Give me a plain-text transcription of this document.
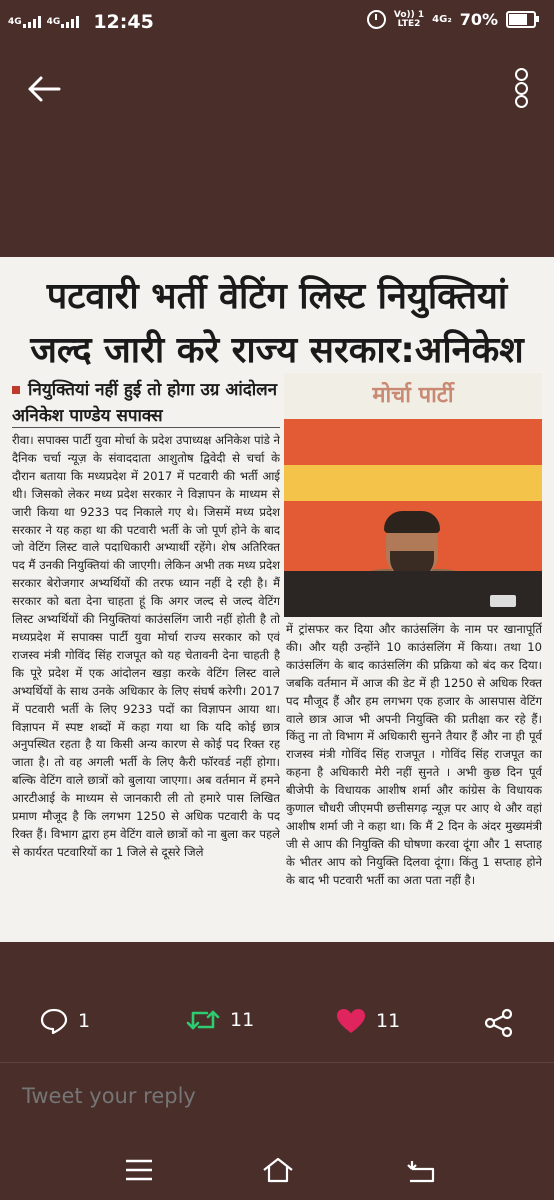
4G	4G 12:45	Vo)) 1
LTE2	4G₂ 70%
पटवारी भर्ती वेटिंग लिस्ट नियुक्तियां
जल्द जारी करे राज्य सरकार:अनिकेश
नियुक्तियां नहीं हुई तो होगा उग्र आंदोलन अनिकेश पाण्डेय सपाक्स
मोर्चा पार्टी
रीवा। सपाक्स पार्टी युवा मोर्चा के प्रदेश उपाध्यक्ष अनिकेश पांडे ने दैनिक चर्चा न्यूज़ के संवाददाता आशुतोष द्विवेदी से चर्चा के दौरान बताया कि मध्यप्रदेश में 2017 में पटवारी की भर्ती आई थी। जिसको लेकर मध्य प्रदेश सरकार ने विज्ञापन के माध्यम से जारी किया था 9233 पद निकाले गए थे। जिसमें मध्य प्रदेश सरकार ने यह कहा था की पटवारी भर्ती के जो पूर्ण होने के बाद जो वेटिंग लिस्ट वाले पदाधिकारी अभ्यार्थी रहेंगे। शेष अतिरिक्त पद मैं उनकी नियुक्तियां की जाएगी। लेकिन अभी तक मध्य प्रदेश सरकार बेरोजगार अभ्यर्थियों की तरफ ध्यान नहीं दे रही है। मैं सरकार को बता देना चाहता हूं कि अगर जल्द से जल्द वेटिंग लिस्ट अभ्यर्थियों की नियुक्तियां काउंसलिंग जारी नहीं होती है तो मध्यप्रदेश में सपाक्स पार्टी युवा मोर्चा राज्य सरकार को एवं राजस्व मंत्री गोविंद सिंह राजपूत को यह चेतावनी देना चाहती है कि पूरे प्रदेश में एक आंदोलन खड़ा करके वेटिंग लिस्ट वाले अभ्यर्थियों के साथ उनके अधिकार के लिए संघर्ष करेगी। 2017 में पटवारी भर्ती के लिए 9233 पदों का विज्ञापन आया था। विज्ञापन में स्पष्ट शब्दों में कहा गया था कि यदि कोई छात्र अनुपस्थित रहता है या किसी अन्य कारण से कोई पद रिक्त रह जाता है। तो वह अगली भर्ती के लिए कैरी फॉरवर्ड नहीं होगा। बल्कि वेटिंग वाले छात्रों को बुलाया जाएगा। अब वर्तमान में हमने आरटीआई के माध्यम से जानकारी ली तो हमारे पास लिखित प्रमाण मौजूद है कि लगभग 1250 से अधिक पटवारी के पद रिक्त हैं। विभाग द्वारा हम वेटिंग वाले छात्रों को ना बुला कर पहले से कार्यरत पटवारियों का 1 जिले से दूसरे जिले
में ट्रांसफर कर दिया और काउंसलिंग के नाम पर खानापूर्ति की। और यही उन्होंने 10 काउंसलिंग में किया। तथा 10 काउंसलिंग के बाद काउंसलिंग की प्रक्रिया को बंद कर दिया। जबकि वर्तमान में आज की डेट में ही 1250 से अधिक रिक्त पद मौजूद हैं और हम लगभग एक हजार के आसपास वेटिंग वाले छात्र आज भी अपनी नियुक्ति की प्रतीक्षा कर रहे हैं। किंतु ना तो विभाग में अधिकारी सुनने तैयार हैं और ना ही पूर्व राजस्व मंत्री गोविंद सिंह राजपूत । गोविंद सिंह राजपूत का कहना है अधिकारी मेरी नहीं सुनते । अभी कुछ दिन पूर्व बीजेपी के विधायक आशीष शर्मा और कांग्रेस के विधायक कुणाल चौधरी जीएमपी छत्तीसगढ़ न्यूज़ पर आए थे और वहां आशीष शर्मा जी ने कहा था। कि मैं 2 दिन के अंदर मुख्यमंत्री जी से आप की नियुक्ति की घोषणा करवा दूंगा और 1 सप्ताह के भीतर आप को नियुक्ति दिलवा दूंगा। किंतु 1 सप्ताह होने के बाद भी पटवारी भर्ती का अता पता नहीं है।
1	11	11
Tweet your reply
